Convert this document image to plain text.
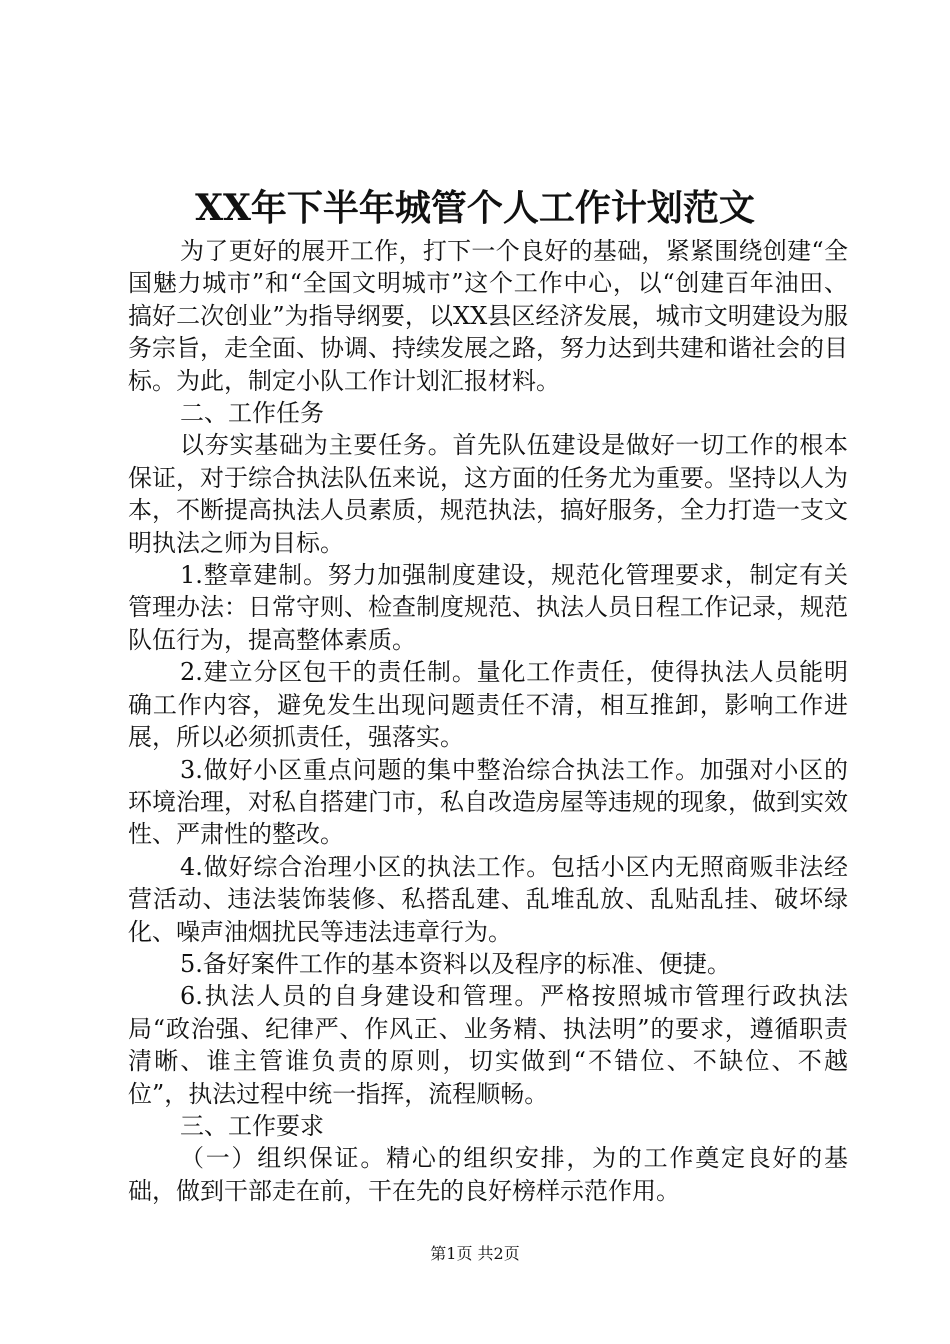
XX年下半年城管个人工作计划范文

为了更好的展开工作，打下一个良好的基础，紧紧围绕创建“全国魅力城市”和“全国文明城市”这个工作中心，以“创建百年油田、搞好二次创业”为指导纲要，以XX县区经济发展，城市文明建设为服务宗旨，走全面、协调、持续发展之路，努力达到共建和谐社会的目标。为此，制定小队工作计划汇报材料。

二、工作任务

以夯实基础为主要任务。首先队伍建设是做好一切工作的根本保证，对于综合执法队伍来说，这方面的任务尤为重要。坚持以人为本，不断提高执法人员素质，规范执法，搞好服务，全力打造一支文明执法之师为目标。

1.整章建制。努力加强制度建设，规范化管理要求，制定有关管理办法：日常守则、检查制度规范、执法人员日程工作记录，规范队伍行为，提高整体素质。

2.建立分区包干的责任制。量化工作责任，使得执法人员能明确工作内容，避免发生出现问题责任不清，相互推卸，影响工作进展，所以必须抓责任，强落实。

3.做好小区重点问题的集中整治综合执法工作。加强对小区的环境治理，对私自搭建门市，私自改造房屋等违规的现象，做到实效性、严肃性的整改。

4.做好综合治理小区的执法工作。包括小区内无照商贩非法经营活动、违法装饰装修、私搭乱建、乱堆乱放、乱贴乱挂、破坏绿化、噪声油烟扰民等违法违章行为。

5.备好案件工作的基本资料以及程序的标准、便捷。

6.执法人员的自身建设和管理。严格按照城市管理行政执法局“政治强、纪律严、作风正、业务精、执法明”的要求，遵循职责清晰、谁主管谁负责的原则，切实做到“不错位、不缺位、不越位”，执法过程中统一指挥，流程顺畅。

三、工作要求

（一）组织保证。精心的组织安排，为的工作奠定良好的基础，做到干部走在前，干在先的良好榜样示范作用。

第1页 共2页
